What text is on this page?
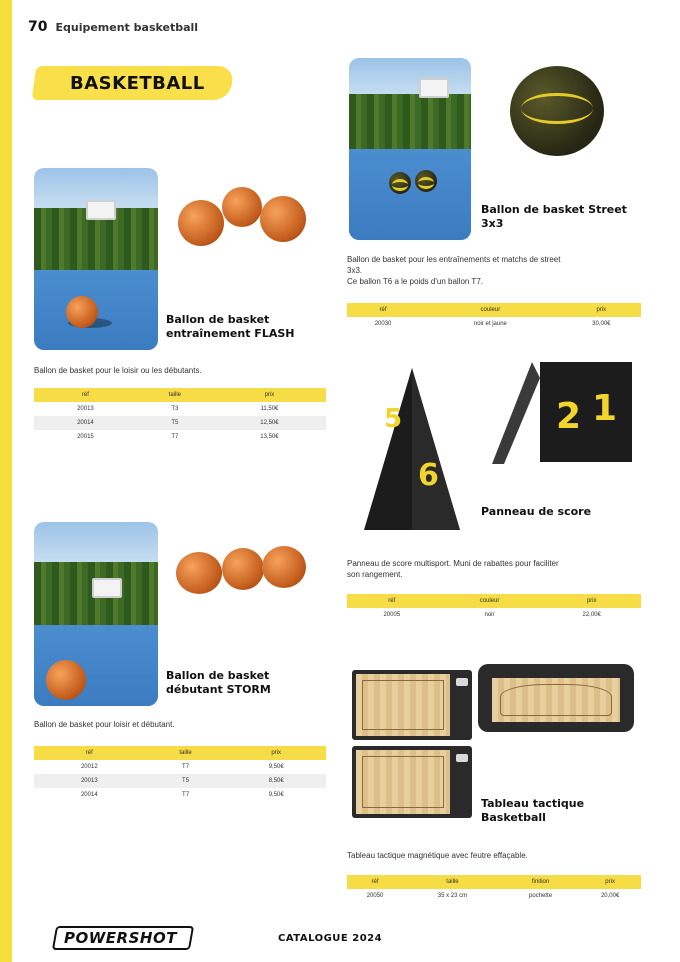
70 Equipement basketball
BASKETBALL
Ballon de basket entraînement FLASH
Ballon de basket pour le loisir ou les débutants.
réf	taille	prix
20013	T3	11,50€
20014	T5	12,50€
20015	T7	13,50€
Ballon de basket débutant STORM
Ballon de basket pour loisir et débutant.
réf	taille	prix
20012	T7	9,50€
20013	T5	8,50€
20014	T7	9,50€
Ballon de basket Street 3x3
Ballon de basket pour les entraînements et matchs de street
3x3.
Ce ballon T6 a le poids d'un ballon T7.
réf	couleur	prix
20030	noir et jaune	30,00€
5
6
2 1
Panneau de score
Panneau de score multisport. Muni de rabattes pour faciliter
son rangement.
réf	couleur	prix
20005	noir	22,00€
Tableau tactique Basketball
Tableau tactique magnétique avec feutre effaçable.
réf	taille	finition	prix
20050	35 x 23 cm	pochette	20,00€
POWERSHOT	CATALOGUE 2024
